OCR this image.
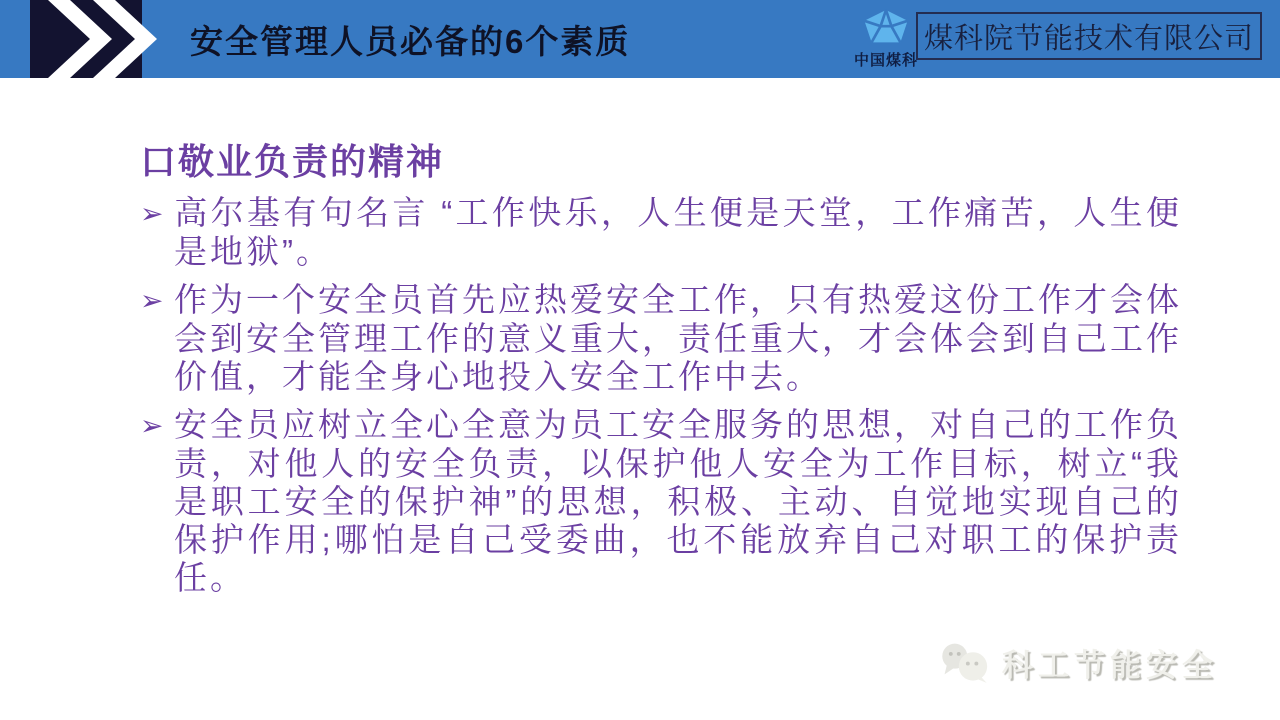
安全管理人员必备的6个素质
中国煤科
煤科院节能技术有限公司
口敬业负责的精神

➢ 高尔基有句名言 “工作快乐，人生便是天堂，工作痛苦，人生便是地狱”。

➢ 作为一个安全员首先应热爱安全工作，只有热爱这份工作才会体会到安全管理工作的意义重大，责任重大，才会体会到自己工作价值，才能全身心地投入安全工作中去。

➢ 安全员应树立全心全意为员工安全服务的思想，对自己的工作负责，对他人的安全负责，以保护他人安全为工作目标，树立“我是职工安全的保护神”的思想，积极、主动、自觉地实现自己的保护作用;哪怕是自己受委曲，也不能放弃自己对职工的保护责任。

科工节能安全
